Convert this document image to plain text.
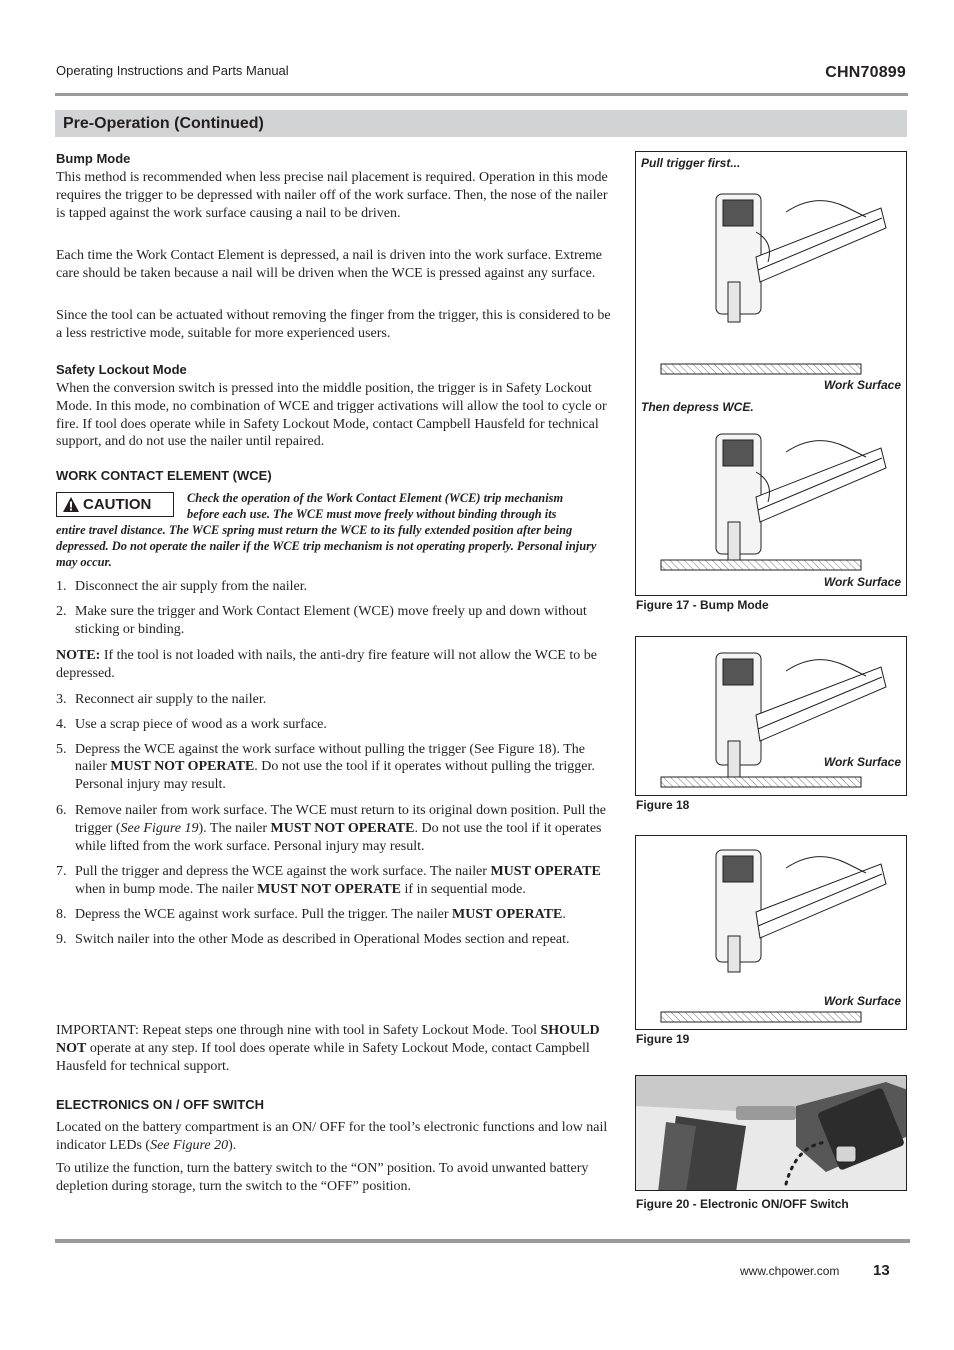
Operating Instructions and Parts Manual	CHN70899
Pre-Operation (Continued)
Bump Mode

This method is recommended when less precise nail placement is required. Operation in this mode requires the trigger to be depressed with nailer off of the work surface. Then, the nose of the nailer is tapped against the work surface causing a nail to be driven.

Each time the Work Contact Element is depressed, a nail is driven into the work surface. Extreme care should be taken because a nail will be driven when the WCE is pressed against any surface.

Since the tool can be actuated without removing the finger from the trigger, this is considered to be a less restrictive mode, suitable for more experienced users.

Safety Lockout Mode

When the conversion switch is pressed into the middle position, the trigger is in Safety Lockout Mode. In this mode, no combination of WCE and trigger activations will allow the tool to cycle or fire. If tool does operate while in Safety Lockout Mode, contact Campbell Hausfeld for technical support, and do not use the nailer until repaired.

WORK CONTACT ELEMENT (WCE)
CAUTION	Check the operation of the Work Contact Element (WCE) trip mechanism
before each use. The WCE must move freely without binding through its
entire travel distance. The WCE spring must return the WCE to its fully extended position after being depressed. Do not operate the nailer if the WCE trip mechanism is not operating properly. Personal injury may occur.
1. Disconnect the air supply from the nailer.
2. Make sure the trigger and Work Contact Element (WCE) move freely up and down without sticking or binding.

NOTE: If the tool is not loaded with nails, the anti-dry fire feature will not allow the WCE to be depressed.

3. Reconnect air supply to the nailer.
4. Use a scrap piece of wood as a work surface.
5. Depress the WCE against the work surface without pulling the trigger (See Figure 18). The nailer MUST NOT OPERATE. Do not use the tool if it operates without pulling the trigger. Personal injury may result.
6. Remove nailer from work surface. The WCE must return to its original down position. Pull the trigger (See Figure 19). The nailer MUST NOT OPERATE. Do not use the tool if it operates while lifted from the work surface. Personal injury may result.
7. Pull the trigger and depress the WCE against the work surface. The nailer MUST OPERATE when in bump mode. The nailer MUST NOT OPERATE if in sequential mode.
8. Depress the WCE against work surface. Pull the trigger. The nailer MUST OPERATE.
9. Switch nailer into the other Mode as described in Operational Modes section and repeat.

IMPORTANT: Repeat steps one through nine with tool in Safety Lockout Mode. Tool SHOULD NOT operate at any step. If tool does operate while in Safety Lockout Mode, contact Campbell Hausfeld for technical support.

ELECTRONICS ON / OFF SWITCH

Located on the battery compartment is an ON/ OFF for the tool’s electronic functions and low nail indicator LEDs (See Figure 20).

To utilize the function, turn the battery switch to the “ON” position. To avoid unwanted battery depletion during storage, turn the switch to the “OFF” position.

Pull trigger first...
Work Surface
Then depress WCE.
Work Surface
Figure 17 - Bump Mode
Work Surface
Figure 18
Work Surface
Figure 19
Figure 20 - Electronic ON/OFF Switch
www.chpower.com 13
